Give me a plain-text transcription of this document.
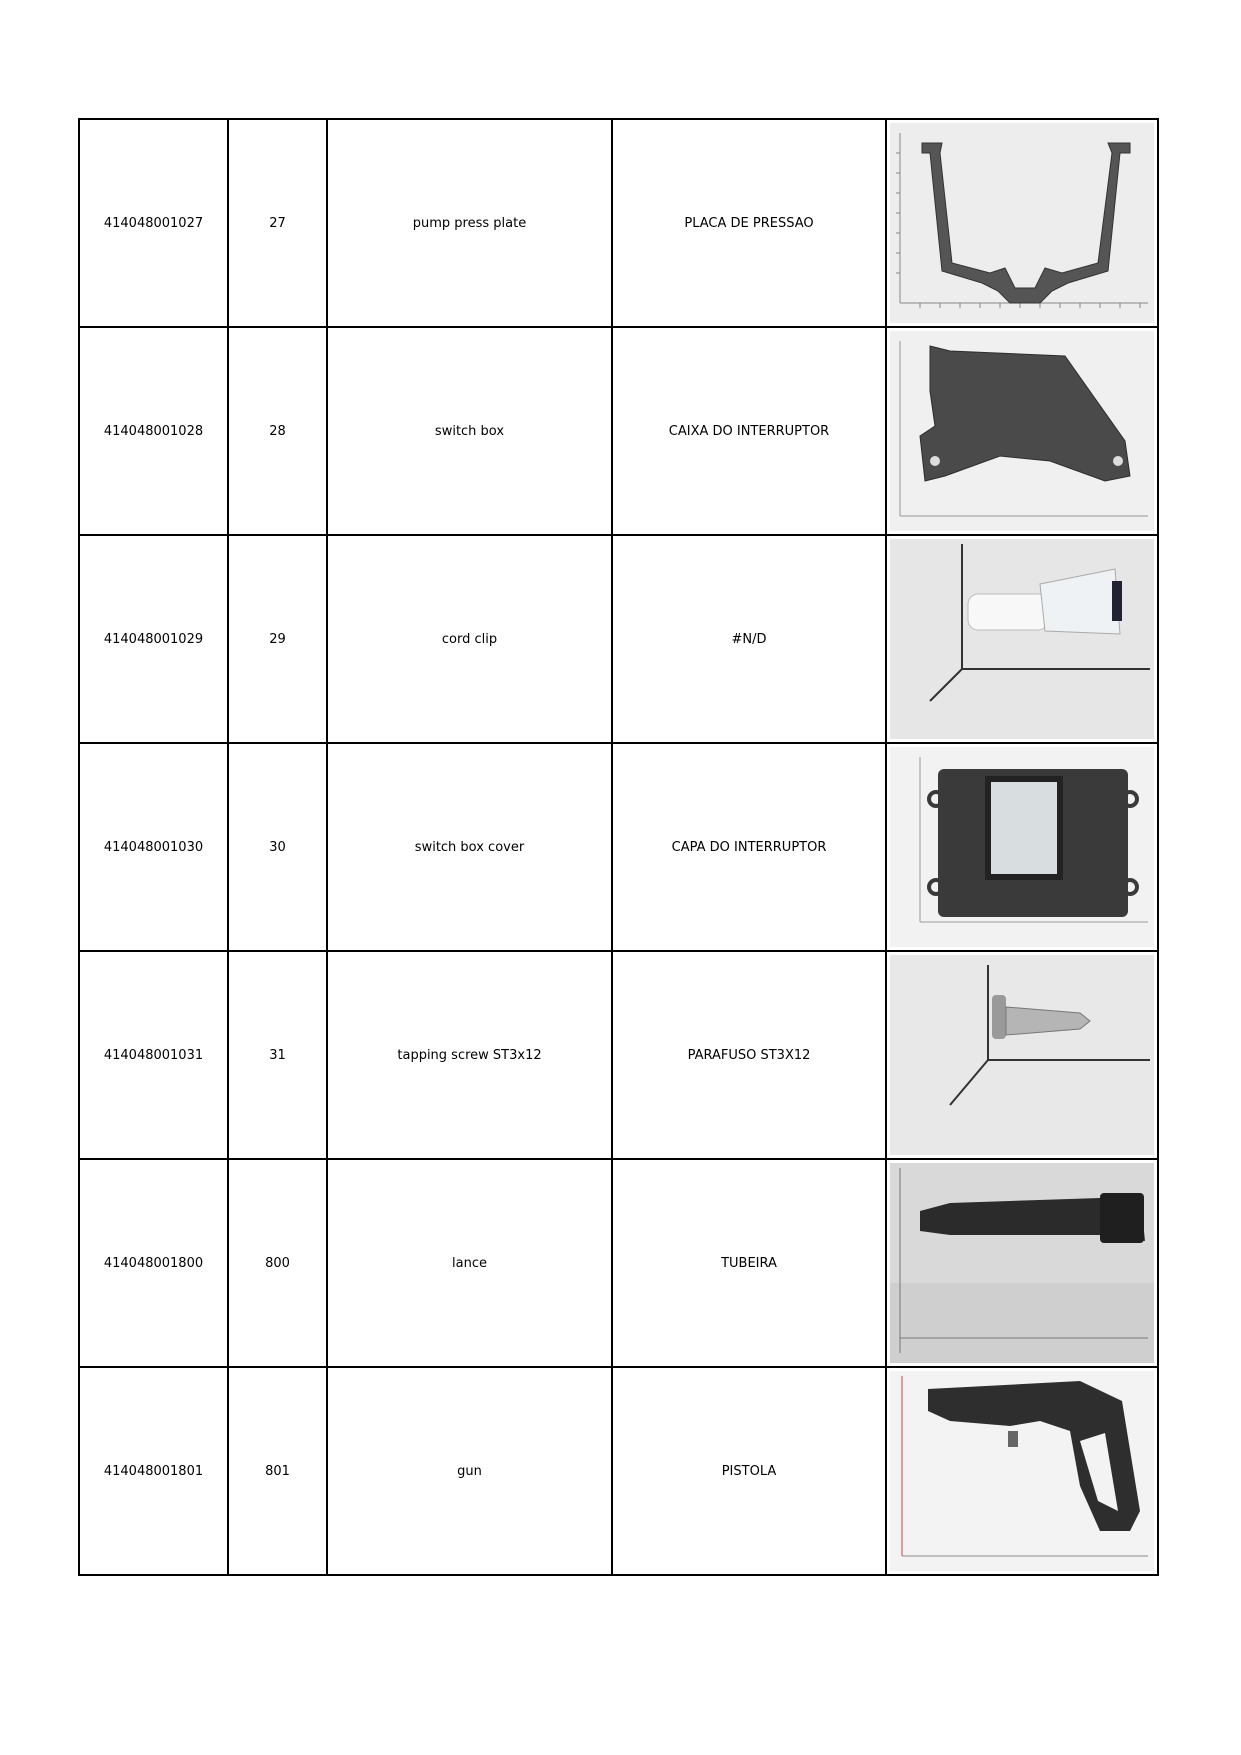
414048001027	27	pump press plate	PLACA DE PRESSAO	

414048001028	28	switch box	CAIXA DO INTERRUPTOR	

414048001029	29	cord clip	#N/D	

414048001030	30	switch box cover	CAPA DO INTERRUPTOR	

414048001031	31	tapping screw ST3x12	PARAFUSO ST3X12	

414048001800	800	lance	TUBEIRA	

414048001801	801	gun	PISTOLA	
